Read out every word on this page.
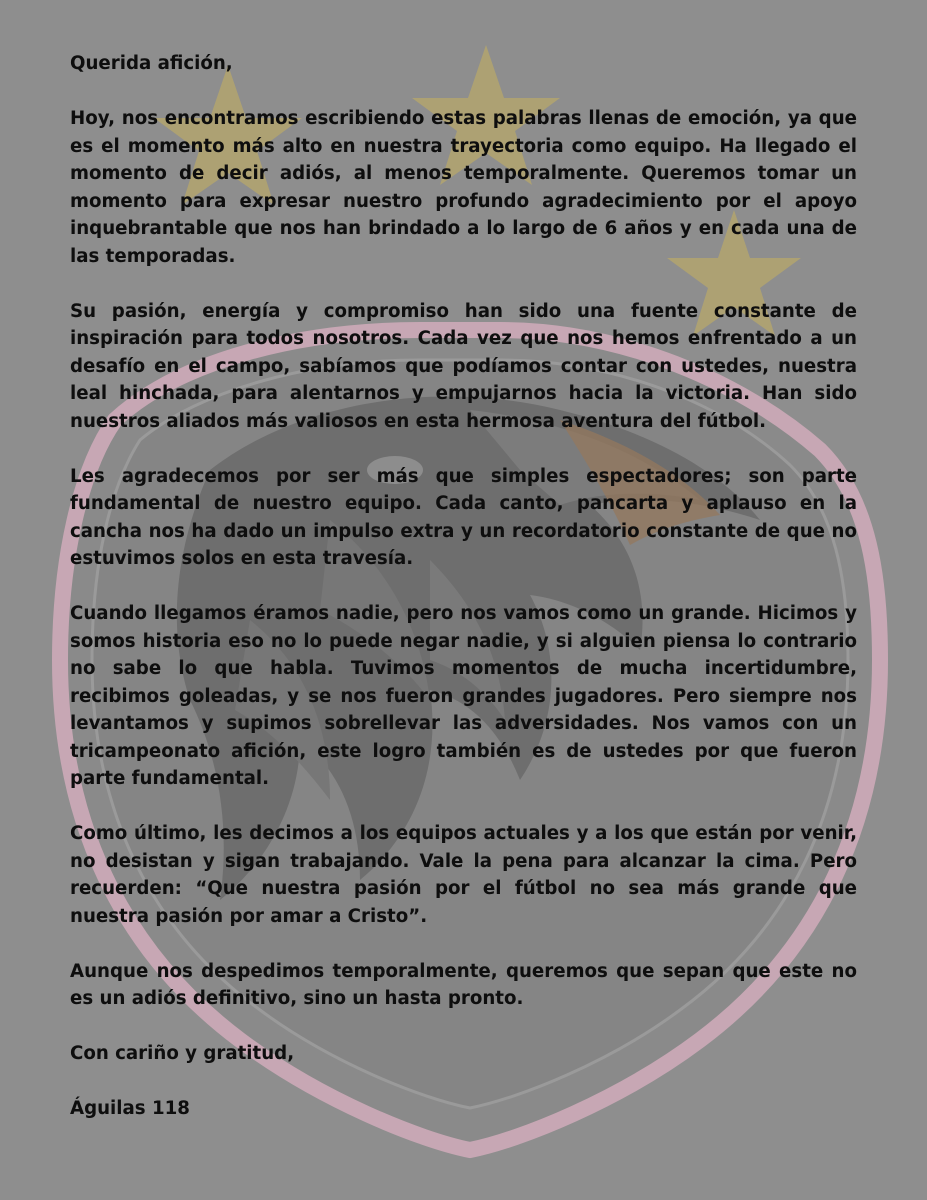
Querida afición,

Hoy, nos encontramos escribiendo estas palabras llenas de emoción, ya que es el momento más alto en nuestra trayectoria como equipo. Ha llegado el momento de decir adiós, al menos temporalmente. Queremos tomar un momento para expresar nuestro profundo agradecimiento por el apoyo inquebrantable que nos han brindado a lo largo de 6 años y en cada una de las temporadas.

Su pasión, energía y compromiso han sido una fuente constante de inspiración para todos nosotros. Cada vez que nos hemos enfrentado a un desafío en el campo, sabíamos que podíamos contar con ustedes, nuestra leal hinchada, para alentarnos y empujarnos hacia la victoria. Han sido nuestros aliados más valiosos en esta hermosa aventura del fútbol.

Les agradecemos por ser más que simples espectadores; son parte fundamental de nuestro equipo. Cada canto, pancarta y aplauso en la cancha nos ha dado un impulso extra y un recordatorio constante de que no estuvimos solos en esta travesía.

Cuando llegamos éramos nadie, pero nos vamos como un grande. Hicimos y somos historia eso no lo puede negar nadie, y si alguien piensa lo contrario no sabe lo que habla. Tuvimos momentos de mucha incertidumbre, recibimos goleadas, y se nos fueron grandes jugadores. Pero siempre nos levantamos y supimos sobrellevar las adversidades. Nos vamos con un tricampeonato afición, este logro también es de ustedes por que fueron parte fundamental.

Como último, les decimos a los equipos actuales y a los que están por venir, no desistan y sigan trabajando. Vale la pena para alcanzar la cima. Pero recuerden: “Que nuestra pasión por el fútbol no sea más grande que nuestra pasión por amar a Cristo”.

Aunque nos despedimos temporalmente, queremos que sepan que este no es un adiós definitivo, sino un hasta pronto.

Con cariño y gratitud,

Águilas 118
